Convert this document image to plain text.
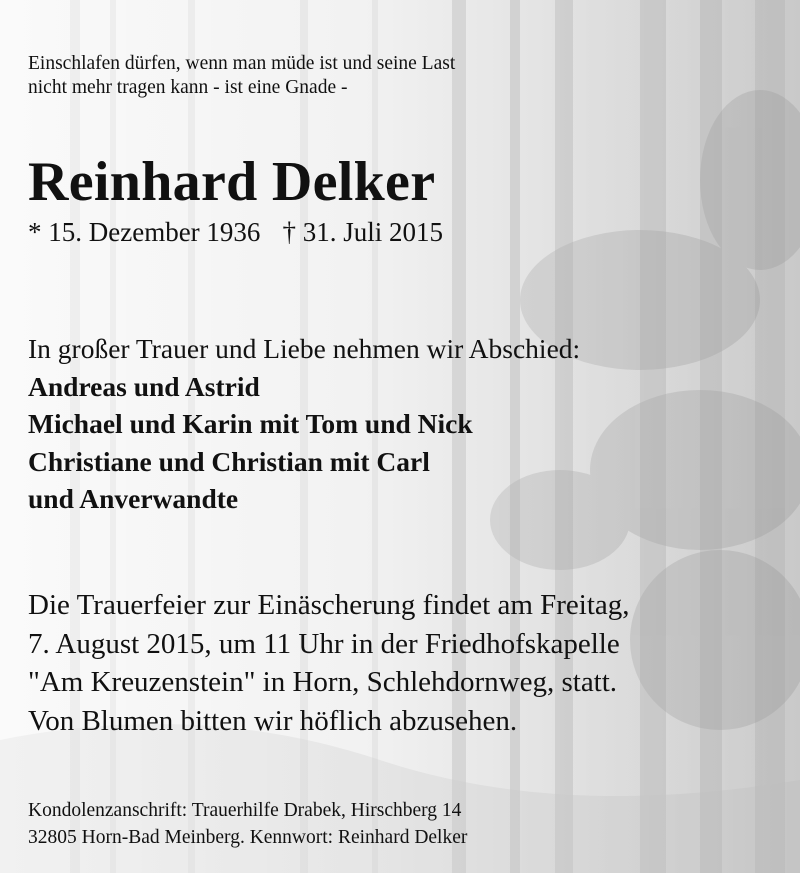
Einschlafen dürfen, wenn man müde ist und seine Last
nicht mehr tragen kann - ist eine Gnade -
Reinhard Delker
* 15. Dezember 1936 † 31. Juli 2015
In großer Trauer und Liebe nehmen wir Abschied:
Andreas und Astrid
Michael und Karin mit Tom und Nick
Christiane und Christian mit Carl
und Anverwandte
Die Trauerfeier zur Einäscherung findet am Freitag,
7. August 2015, um 11 Uhr in der Friedhofskapelle
"Am Kreuzenstein" in Horn, Schlehdornweg, statt.
Von Blumen bitten wir höflich abzusehen.
Kondolenzanschrift: Trauerhilfe Drabek, Hirschberg 14
32805 Horn-Bad Meinberg. Kennwort: Reinhard Delker
